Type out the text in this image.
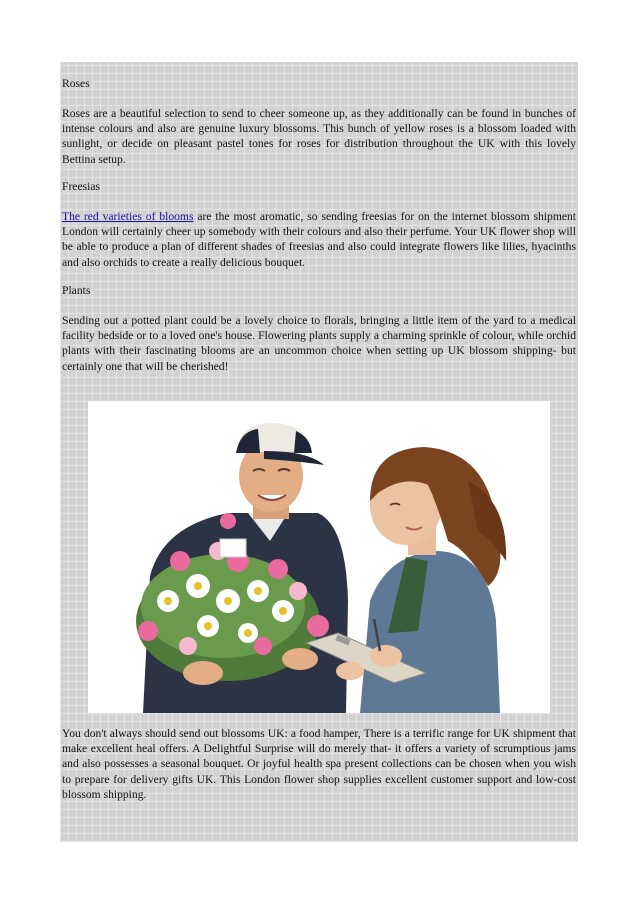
Roses

Roses are a beautiful selection to send to cheer someone up, as they additionally can be found in bunches of intense colours and also are genuine luxury blossoms. This bunch of yellow roses is a blossom loaded with sunlight, or decide on pleasant pastel tones for roses for distribution throughout the UK with this lovely Bettina setup.

Freesias

The red varieties of blooms are the most aromatic, so sending freesias for on the internet blossom shipment London will certainly cheer up somebody with their colours and also their perfume. Your UK flower shop will be able to produce a plan of different shades of freesias and also could integrate flowers like lilies, hyacinths and also orchids to create a really delicious bouquet.

Plants

Sending out a potted plant could be a lovely choice to florals, bringing a little item of the yard to a medical facility bedside or to a loved one's house. Flowering plants supply a charming sprinkle of colour, while orchid plants with their fascinating blooms are an uncommon choice when setting up UK blossom shipping- but certainly one that will be cherished!

You don't always should send out blossoms UK: a food hamper, There is a terrific range for UK shipment that make excellent heal offers. A Delightful Surprise will do merely that- it offers a variety of scrumptious jams and also possesses a seasonal bouquet. Or joyful health spa present collections can be chosen when you wish to prepare for delivery gifts UK. This London flower shop supplies excellent customer support and low-cost blossom shipping.
